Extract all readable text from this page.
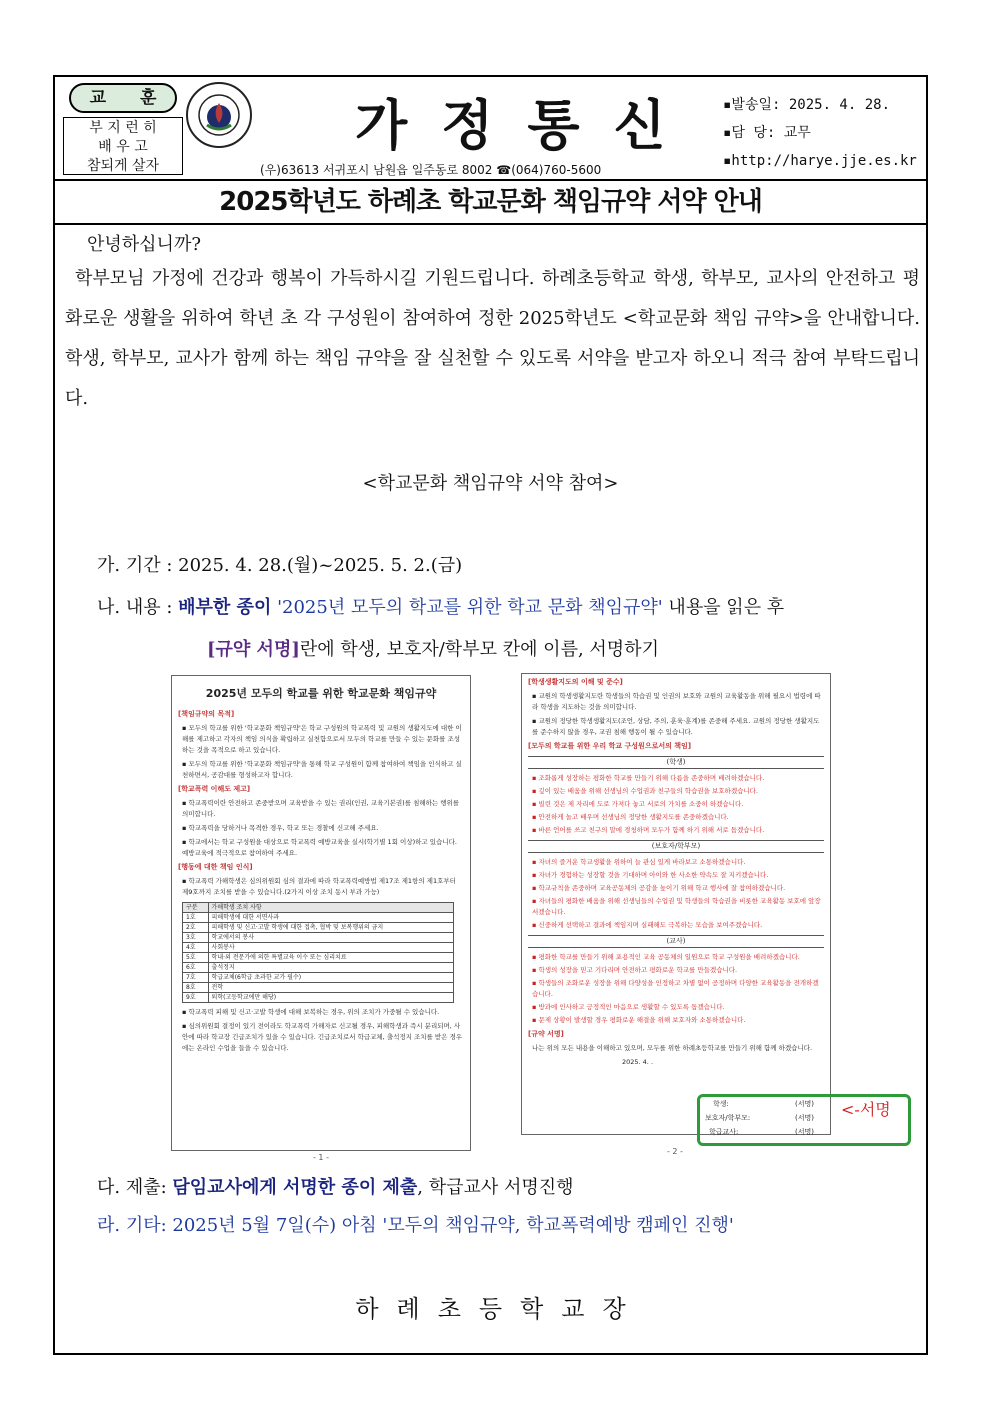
교 훈
부 지 런 히
배 우 고
참되게 살자
가정통신
(우)63613 서귀포시 남원읍 일주동로 8002 ☎(064)760-5600
▪발송일: 2025. 4. 28.
▪담 당: 교무
▪http://harye.jje.es.kr
2025학년도 하례초 학교문화 책임규약 서약 안내
안녕하십니까?
학부모님 가정에 건강과 행복이 가득하시길 기원드립니다. 하례초등학교 학생, 학부모, 교사의 안전하고 평화로운 생활을 위하여 학년 초 각 구성원이 참여하여 정한 2025학년도 <학교문화 책임 규약>을 안내합니다. 학생, 학부모, 교사가 함께 하는 책임 규약을 잘 실천할 수 있도록 서약을 받고자 하오니 적극 참여 부탁드립니다.
<학교문화 책임규약 서약 참여>
가. 기간 : 2025. 4. 28.(월)~2025. 5. 2.(금)
나. 내용 : 배부한 종이 '2025년 모두의 학교를 위한 학교 문화 책임규약' 내용을 읽은 후
[규약 서명]란에 학생, 보호자/학부모 칸에 이름, 서명하기
2025년 모두의 학교를 위한 학교문화 책임규약
[책임규약의 목적]
▪ 모두의 학교를 위한 '학교문화 책임규약'은 학교 구성원의 학교폭력 및 교원의 생활지도에 대한 이해를 제고하고 각자의 책임 의식을 확립하고 실천함으로서 모두의 학교를 만들 수 있는 문화를 조성하는 것을 목적으로 하고 있습니다.
▪ 모두의 학교를 위한 '학교문화 책임규약'을 통해 학교 구성원이 함께 참여하여 책임을 인식하고 실천하면서, 공감대를 형성하고자 합니다.
[학교폭력 이해도 제고]
▪ 학교폭력이란 안전하고 존중받으며 교육받을 수 있는 권리(인권, 교육기본권)를 침해하는 행위를 의미합니다.
▪ 학교폭력을 당하거나 목격한 경우, 학교 또는 경찰에 신고해 주세요.
▪ 학교에서는 학교 구성원을 대상으로 학교폭력 예방교육을 실시(학기별 1회 이상)하고 있습니다. 예방교육에 적극적으로 참여하여 주세요.
[행동에 대한 책임 인식]
▪ 학교폭력 가해학생은 심의위원회 심의 결과에 따라 학교폭력예방법 제17조 제1항의 제1호부터 제9호까지 조치를 받을 수 있습니다.(2가지 이상 조치 동시 부과 가능)
구분	가해학생 조치 사항
1호	피해학생에 대한 서면사과
2호	피해학생 및 신고·고발 학생에 대한 접촉, 협박 및 보복행위의 금지
3호	학교에서의 봉사
4호	사회봉사
5호	학내·외 전문가에 의한 특별교육 이수 또는 심리치료
6호	출석정지
7호	학급교체(6학급 초과한 교가 필수)
8호	전학
9호	퇴학(고등학교에만 해당)
▪ 학교폭력 피해 및 신고·고발 학생에 대해 보복하는 경우, 위의 조치가 가중될 수 있습니다.
▪ 심의위원회 결정이 있기 전이라도 학교폭력 가해자로 신고될 경우, 피해학생과 즉시 분리되며, 사안에 따라 학교장 긴급조치가 있을 수 있습니다. 긴급조치로서 학급교체, 출석정지 조치를 받은 경우에는 온라인 수업을 들을 수 있습니다.
- 1 -
[학생생활지도의 이해 및 준수]
▪ 교원의 학생생활지도란 학생들의 학습권 및 인권의 보호와 교원의 교육활동을 위해 필요시 법령에 따라 학생을 지도하는 것을 의미합니다.
▪ 교원의 정당한 학생생활지도(조언, 상담, 주의, 훈육·훈계)를 존중해 주세요. 교원의 정당한 생활지도를 준수하지 않을 경우, 교권 침해 행동이 될 수 있습니다.
[모두의 학교를 위한 우리 학교 구성원으로서의 책임]
(학생)
▪ 조화롭게 성장하는 평화한 학교를 만들기 위해 다름을 존중하며 배려하겠습니다.
▪ 깊이 있는 배움을 위해 선생님의 수업권과 친구들의 학습권을 보호하겠습니다.
▪ 빌린 것은 제 자리에 도로 가져다 놓고 서로의 가치를 소중히 하겠습니다.
▪ 안전하게 놀고 배우며 선생님의 정당한 생활지도를 존중하겠습니다.
▪ 바른 언어를 쓰고 친구의 말에 경청하며 모두가 함께 하기 위해 서로 돕겠습니다.
(보호자/학부모)
▪ 자녀의 즐거운 학교생활을 위하여 늘 관심 있게 바라보고 소통하겠습니다.
▪ 자녀가 경험하는 성장할 것을 기대하며 아이와 한 사소한 약속도 잘 지키겠습니다.
▪ 학교규칙을 존중하며 교육공동체의 공감을 높이기 위해 학교 행사에 잘 참여하겠습니다.
▪ 자녀들의 평화한 배움을 위해 선생님들의 수업권 및 학생들의 학습권을 비롯한 교육활동 보호에 앞장서겠습니다.
▪ 신중하게 선택하고 결과에 책임지며 실패해도 극복하는 모습을 보여주겠습니다.
(교사)
▪ 평화한 학교를 만들기 위해 포용적인 교육 공동체의 일원으로 학교 구성원을 배려하겠습니다.
▪ 학생의 성장을 믿고 기다리며 안전하고 평화로운 학교를 만들겠습니다.
▪ 학생들의 조화로운 성장을 위해 다양성을 인정하고 차별 없이 공정하며 다양한 교육활동을 전개하겠습니다.
▪ 방과에 인사하고 긍정적인 마음으로 생활할 수 있도록 돕겠습니다.
▪ 문제 상황이 발생할 경우 평화로운 해결을 위해 보호자와 소통하겠습니다.
[규약 서명]
나는 위의 모든 내용을 이해하고 있으며, 모두를 위한 하례초등학교를 만들기 위해 함께 하겠습니다.
2025. 4. .
- 2 -
학생:	(서명)
보호자/학부모:	(서명)
학급교사:	(서명)
<-서명
다. 제출: 담임교사에게 서명한 종이 제출, 학급교사 서명진행
라. 기타: 2025년 5월 7일(수) 아침 '모두의 책임규약, 학교폭력예방 캠페인 진행'
하례초등학교장
